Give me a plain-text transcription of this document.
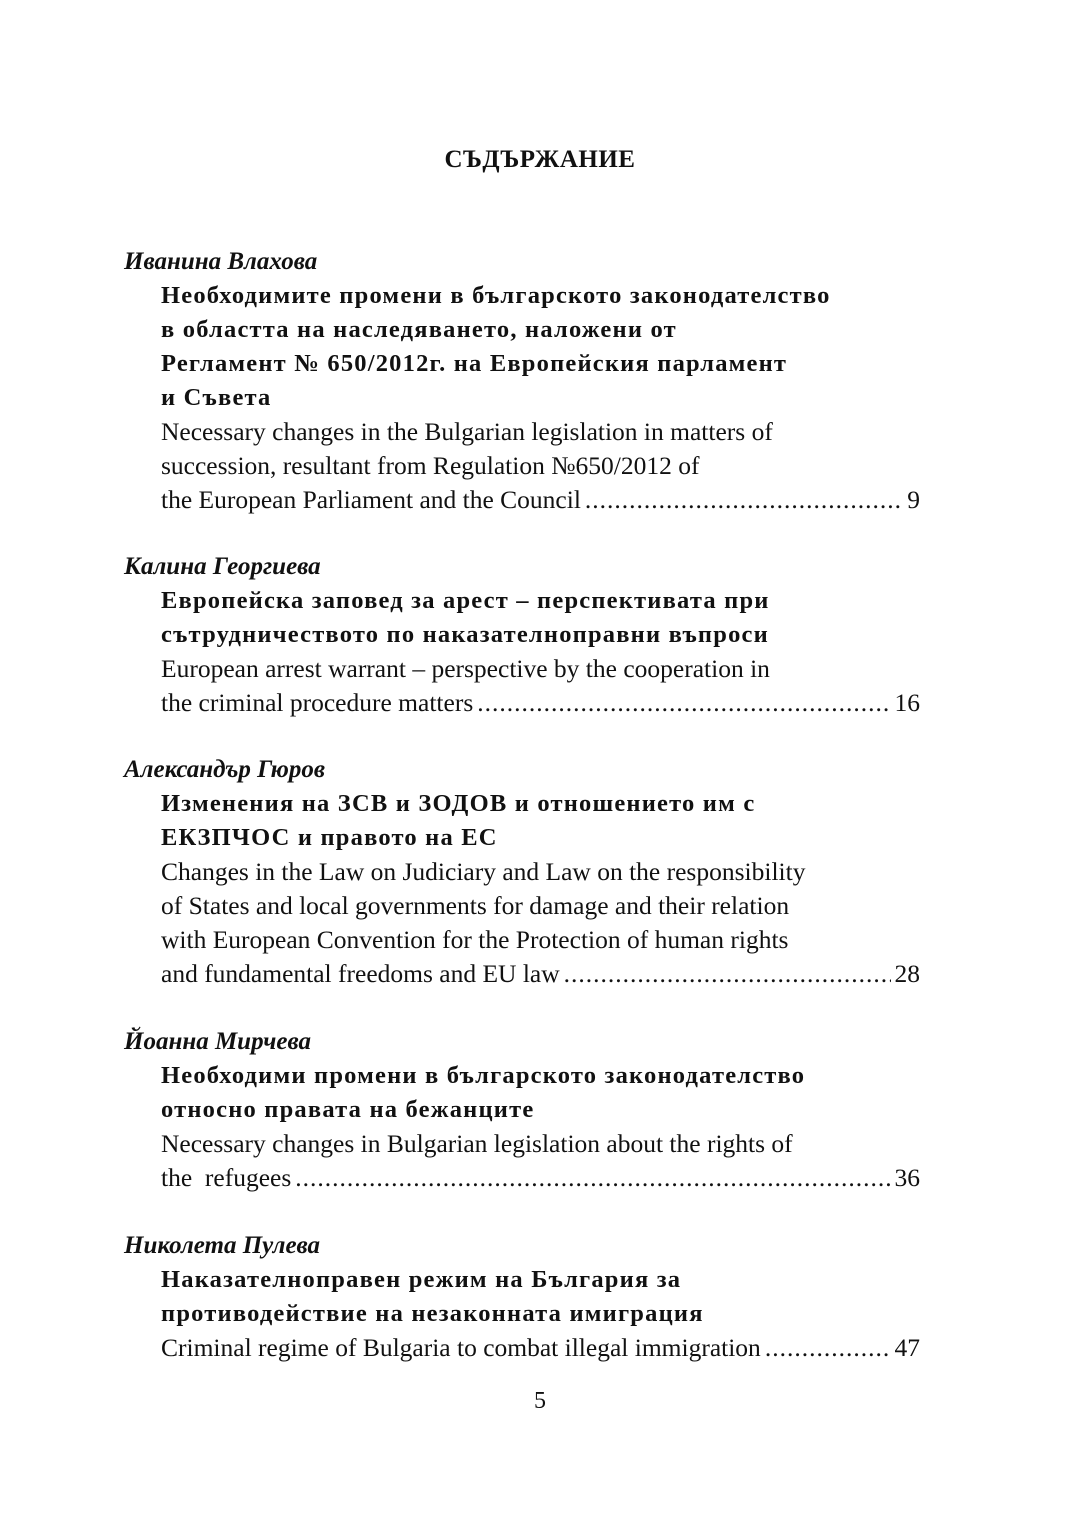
СЪДЪРЖАНИЕ
Иванина Влахова
Необходимите промени в българското законодателство
в областта на наследяването, наложени от
Регламент № 650/2012г. на Европейския парламент
и Съвета
Necessary changes in the Bulgarian legislation in matters of
succession, resultant from Regulation №650/2012 of
the European Parliament and the Council .....	9
Калина Георгиева
Европейска заповед за арест – перспективата при
сътрудничеството по наказателноправни въпроси
European arrest warrant – perspective by the cooperation in
the criminal procedure matters .....	16
Александър Гюров
Изменения на ЗСВ и ЗОДОВ и отношението им с
ЕКЗПЧОС и правото на ЕС
Changes in the Law on Judiciary and Law on the responsibility
of States and local governments for damage and their relation
with European Convention for the Protection of human rights
and fundamental freedoms and EU law .....	28
Йоанна Мирчева
Необходими промени в българското законодателство
относно правата на бежанците
Necessary changes in Bulgarian legislation about the rights of
the  refugees .....	36
Николета Пулева
Наказателноправен режим на България за
противодействие на незаконната имиграция
Criminal regime of Bulgaria to combat illegal immigration .....	47
5
